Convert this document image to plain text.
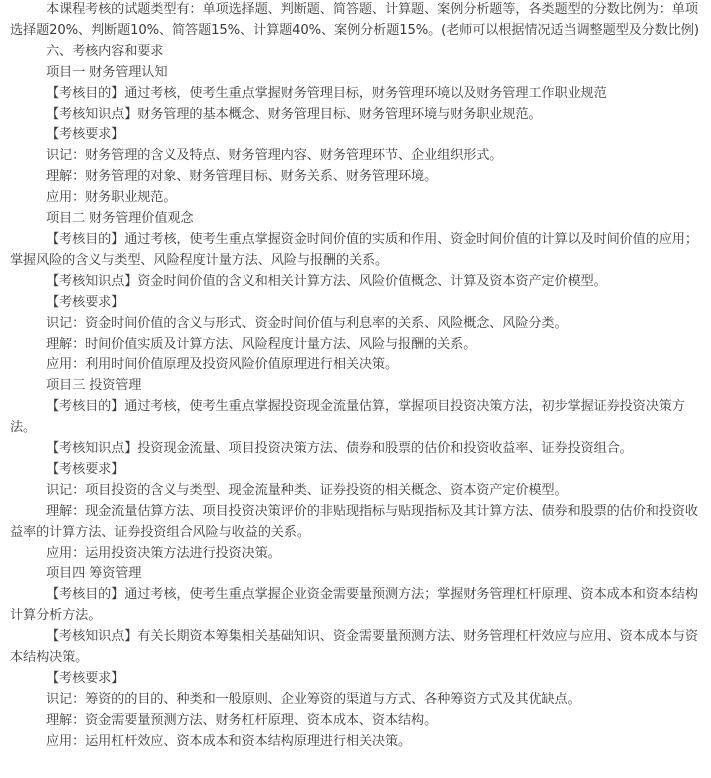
本课程考核的试题类型有：单项选择题、判断题、简答题、计算题、案例分析题等，各类题型的分数比例为：单项选择题20%、判断题10%、简答题15%、计算题40%、案例分析题15%。(老师可以根据情况适当调整题型及分数比例)

六、考核内容和要求

项目一 财务管理认知

【考核目的】通过考核，使考生重点掌握财务管理目标，财务管理环境以及财务管理工作职业规范

【考核知识点】财务管理的基本概念、财务管理目标、财务管理环境与财务职业规范。

【考核要求】

识记：财务管理的含义及特点、财务管理内容、财务管理环节、企业组织形式。

理解：财务管理的对象、财务管理目标、财务关系、财务管理环境。

应用：财务职业规范。

项目二 财务管理价值观念

【考核目的】通过考核，使考生重点掌握资金时间价值的实质和作用、资金时间价值的计算以及时间价值的应用；掌握风险的含义与类型、风险程度计量方法、风险与报酬的关系。

【考核知识点】资金时间价值的含义和相关计算方法、风险价值概念、计算及资本资产定价模型。

【考核要求】

识记：资金时间价值的含义与形式、资金时间价值与利息率的关系、风险概念、风险分类。

理解：时间价值实质及计算方法、风险程度计量方法、风险与报酬的关系。

应用：利用时间价值原理及投资风险价值原理进行相关决策。

项目三 投资管理

【考核目的】通过考核，使考生重点掌握投资现金流量估算，掌握项目投资决策方法，初步掌握证券投资决策方法。

【考核知识点】投资现金流量、项目投资决策方法、债券和股票的估价和投资收益率、证券投资组合。

【考核要求】

识记：项目投资的含义与类型、现金流量种类、证券投资的相关概念、资本资产定价模型。

理解：现金流量估算方法、项目投资决策评价的非贴现指标与贴现指标及其计算方法、债券和股票的估价和投资收益率的计算方法、证券投资组合风险与收益的关系。

应用：运用投资决策方法进行投资决策。

项目四 筹资管理

【考核目的】通过考核，使考生重点掌握企业资金需要量预测方法；掌握财务管理杠杆原理、资本成本和资本结构计算分析方法。

【考核知识点】有关长期资本筹集相关基础知识、资金需要量预测方法、财务管理杠杆效应与应用、资本成本与资本结构决策。

【考核要求】

识记：筹资的的目的、种类和一般原则、企业筹资的渠道与方式、各种筹资方式及其优缺点。

理解：资金需要量预测方法、财务杠杆原理、资本成本、资本结构。

应用：运用杠杆效应、资本成本和资本结构原理进行相关决策。
